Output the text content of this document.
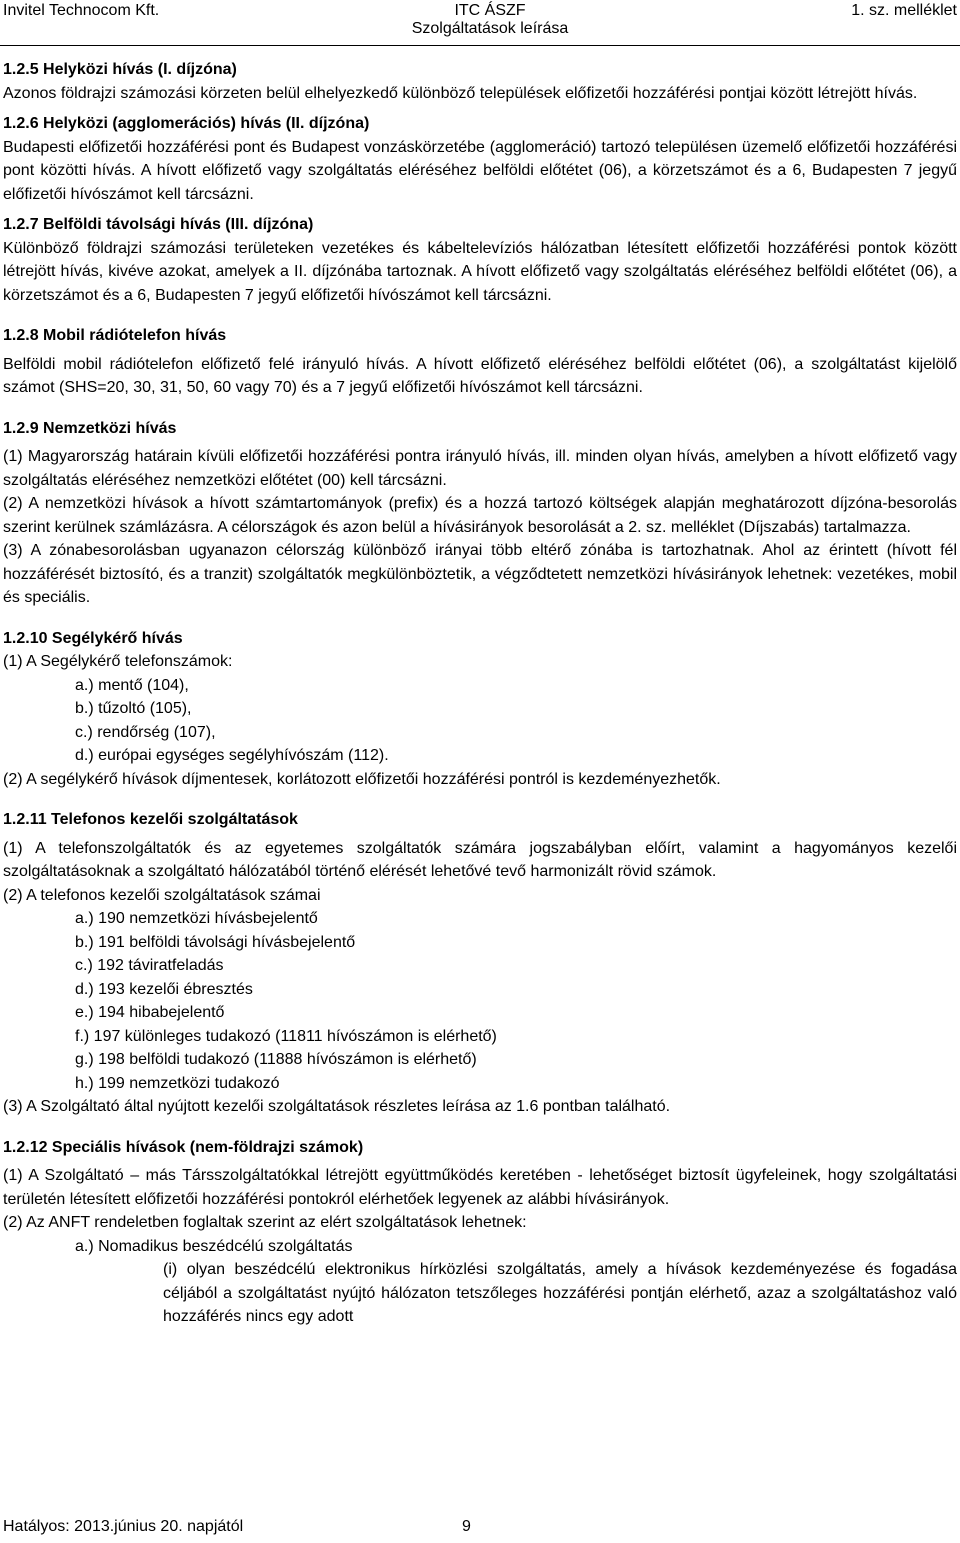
Invitel Technocom Kft.	ITC ÁSZF
Szolgáltatások leírása
1. sz. melléklet
1.2.5 Helyközi hívás (I. díjzóna)

Azonos földrajzi számozási körzeten belül elhelyezkedő különböző települések előfizetői hozzáférési pontjai között létrejött hívás.

1.2.6 Helyközi (agglomerációs) hívás (II. díjzóna)

Budapesti előfizetői hozzáférési pont és Budapest vonzáskörzetébe (agglomeráció) tartozó településen üzemelő előfizetői hozzáférési pont közötti hívás. A hívott előfizető vagy szolgáltatás eléréséhez belföldi előtétet (06), a körzetszámot és a 6, Budapesten 7 jegyű előfizetői hívószámot kell tárcsázni.

1.2.7 Belföldi távolsági hívás (III. díjzóna)

Különböző földrajzi számozási területeken vezetékes és kábeltelevíziós hálózatban létesített előfizetői hozzáférési pontok között létrejött hívás, kivéve azokat, amelyek a II. díjzónába tartoznak. A hívott előfizető vagy szolgáltatás eléréséhez belföldi előtétet (06), a körzetszámot és a 6, Budapesten 7 jegyű előfizetői hívószámot kell tárcsázni.

1.2.8 Mobil rádiótelefon hívás

Belföldi mobil rádiótelefon előfizető felé irányuló hívás. A hívott előfizető eléréséhez belföldi előtétet (06), a szolgáltatást kijelölő számot (SHS=20, 30, 31, 50, 60 vagy 70) és a 7 jegyű előfizetői hívószámot kell tárcsázni.

1.2.9 Nemzetközi hívás

(1) Magyarország határain kívüli előfizetői hozzáférési pontra irányuló hívás, ill. minden olyan hívás, amelyben a hívott előfizető vagy szolgáltatás eléréséhez nemzetközi előtétet (00) kell tárcsázni.

(2) A nemzetközi hívások a hívott számtartományok (prefix) és a hozzá tartozó költségek alapján meghatározott díjzóna-besorolás szerint kerülnek számlázásra. A célországok és azon belül a hívásirányok besorolását a 2. sz. melléklet (Díjszabás) tartalmazza.

(3) A zónabesorolásban ugyanazon célország különböző irányai több eltérő zónába is tartozhatnak. Ahol az érintett (hívott fél hozzáférését biztosító, és a tranzit) szolgáltatók megkülönböztetik, a végződtetett nemzetközi hívásirányok lehetnek: vezetékes, mobil és speciális.

1.2.10 Segélykérő hívás

(1) A Segélykérő telefonszámok:

a.) mentő (104),

b.) tűzoltó (105),

c.) rendőrség (107),

d.) európai egységes segélyhívószám (112).

(2) A segélykérő hívások díjmentesek, korlátozott előfizetői hozzáférési pontról is kezdeményezhetők.

1.2.11 Telefonos kezelői szolgáltatások

(1) A telefonszolgáltatók és az egyetemes szolgáltatók számára jogszabályban előírt, valamint a hagyományos kezelői szolgáltatásoknak a szolgáltató hálózatából történő elérését lehetővé tevő harmonizált rövid számok.

(2) A telefonos kezelői szolgáltatások számai

a.) 190 nemzetközi hívásbejelentő

b.) 191 belföldi távolsági hívásbejelentő

c.) 192 táviratfeladás

d.) 193 kezelői ébresztés

e.) 194 hibabejelentő

f.) 197 különleges tudakozó (11811 hívószámon is elérhető)

g.) 198 belföldi tudakozó (11888 hívószámon is elérhető)

h.) 199 nemzetközi tudakozó

(3) A Szolgáltató által nyújtott kezelői szolgáltatások részletes leírása az 1.6 pontban található.

1.2.12 Speciális hívások (nem-földrajzi számok)

(1) A Szolgáltató – más Társszolgáltatókkal létrejött együttműködés keretében - lehetőséget biztosít ügyfeleinek, hogy szolgáltatási területén létesített előfizetői hozzáférési pontokról elérhetőek legyenek az alábbi hívásirányok.

(2) Az ANFT rendeletben foglaltak szerint az elért szolgáltatások lehetnek:

a.) Nomadikus beszédcélú szolgáltatás

(i) olyan beszédcélú elektronikus hírközlési szolgáltatás, amely a hívások kezdeményezése és fogadása céljából a szolgáltatást nyújtó hálózaton tetszőleges hozzáférési pontján elérhető, azaz a szolgáltatáshoz való hozzáférés nincs egy adott

Hatályos: 2013.június 20. napjától	9
